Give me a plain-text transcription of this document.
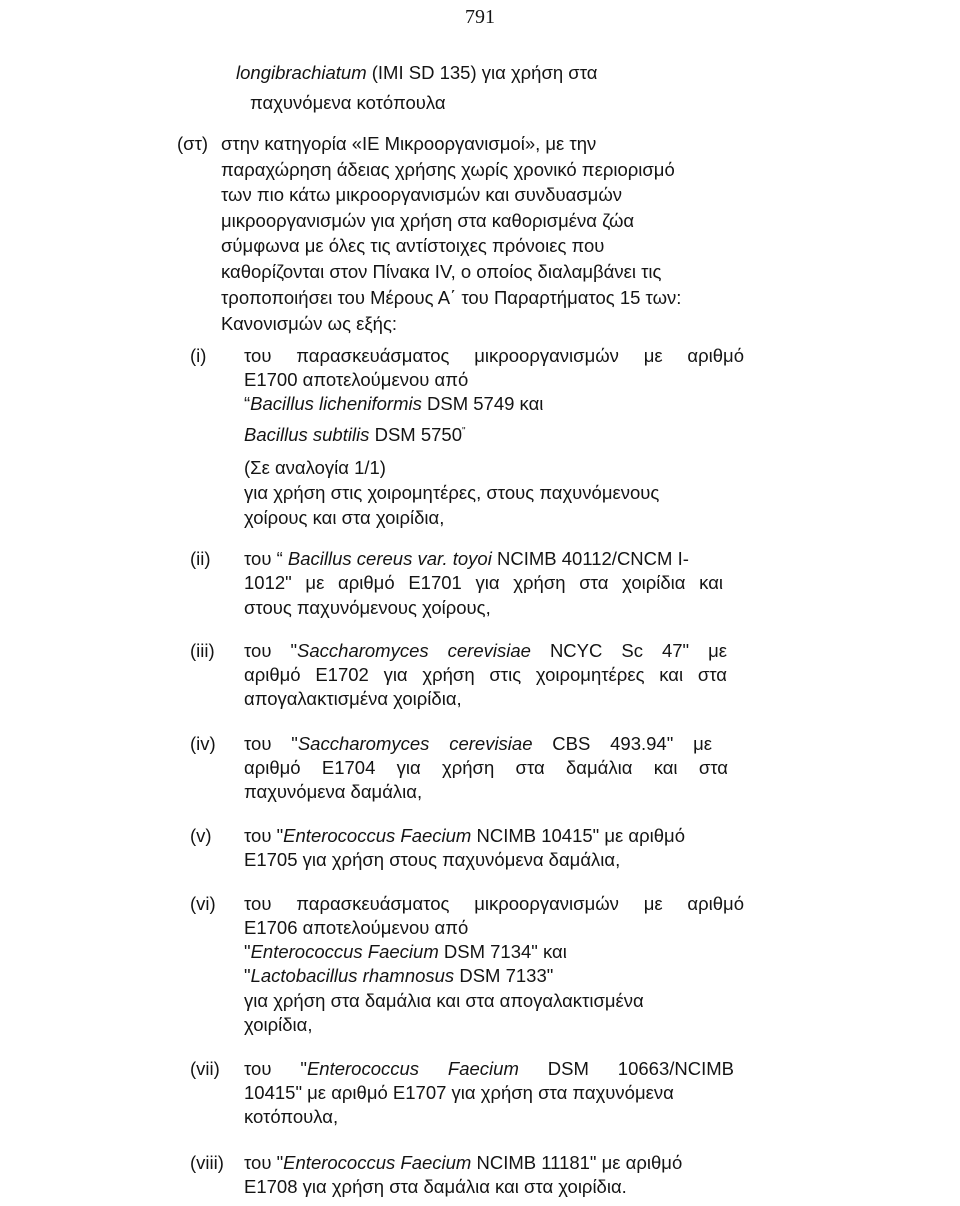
791
longibrachiatum (IMI SD 135) για χρήση στα
παχυνόμενα κοτόπουλα
(στ) στην κατηγορία «ΙΕ Μικροοργανισμοί», με την
παραχώρηση άδειας χρήσης χωρίς χρονικό περιορισμό
των πιο κάτω μικροοργανισμών και συνδυασμών
μικροοργανισμών για χρήση στα καθορισμένα ζώα
σύμφωνα με όλες τις αντίστοιχες πρόνοιες που
καθορίζονται στον Πίνακα IV, ο οποίος διαλαμβάνει τις
τροποποιήσει του Μέρους Α΄ του Παραρτήματος 15 των:
Κανονισμών ως εξής:
(i) του παρασκευάσματος μικροοργανισμών με αριθμό
Ε1700 αποτελούμενου από
“Bacillus licheniformis DSM 5749 και
Bacillus subtilis DSM 5750"
(Σε αναλογία 1/1)
για χρήση στις χοιρομητέρες, στους παχυνόμενους
χοίρους και στα χοιρίδια,
(ii) του “ Bacillus cereus var. toyoi NCIMB 40112/CNCM I-
1012" με αριθμό Ε1701 για χρήση στα χοιρίδια και
στους παχυνόμενους χοίρους,
(iii) του "Saccharomyces cerevisiae NCYC Sc 47" με
αριθμό Ε1702 για χρήση στις χοιρομητέρες και στα
απογαλακτισμένα χοιρίδια,
(iv) του "Saccharomyces cerevisiae CBS 493.94" με
αριθμό Ε1704 για χρήση στα δαμάλια και στα
παχυνόμενα δαμάλια,
(v) του "Enterococcus Faecium NCIMB 10415" με αριθμό
Ε1705 για χρήση στους παχυνόμενα δαμάλια,
(vi) του παρασκευάσματος μικροοργανισμών με αριθμό
Ε1706 αποτελούμενου από
"Enterococcus Faecium DSM 7134" και
"Lactobacillus rhamnosus DSM 7133"
για χρήση στα δαμάλια και στα απογαλακτισμένα
χοιρίδια,
(vii) του "Enterococcus Faecium DSM 10663/NCIMB
10415" με αριθμό Ε1707 για χρήση στα παχυνόμενα
κοτόπουλα,
(viii) του "Enterococcus Faecium NCIMB 11181" με αριθμό
Ε1708 για χρήση στα δαμάλια και στα χοιρίδια.
